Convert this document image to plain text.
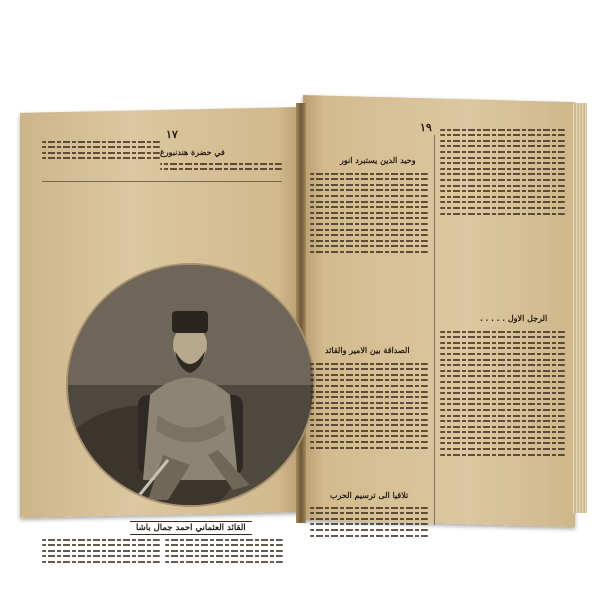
١٧
في حضرة هندنبورغ
القائد العثماني احمد جمال باشا
١٩
الرجل الاول . . . . .
وحيد الدين يستبرد انور
الصداقة بين الامير والقائد
تلاقيا الى ترسيم الحرب
